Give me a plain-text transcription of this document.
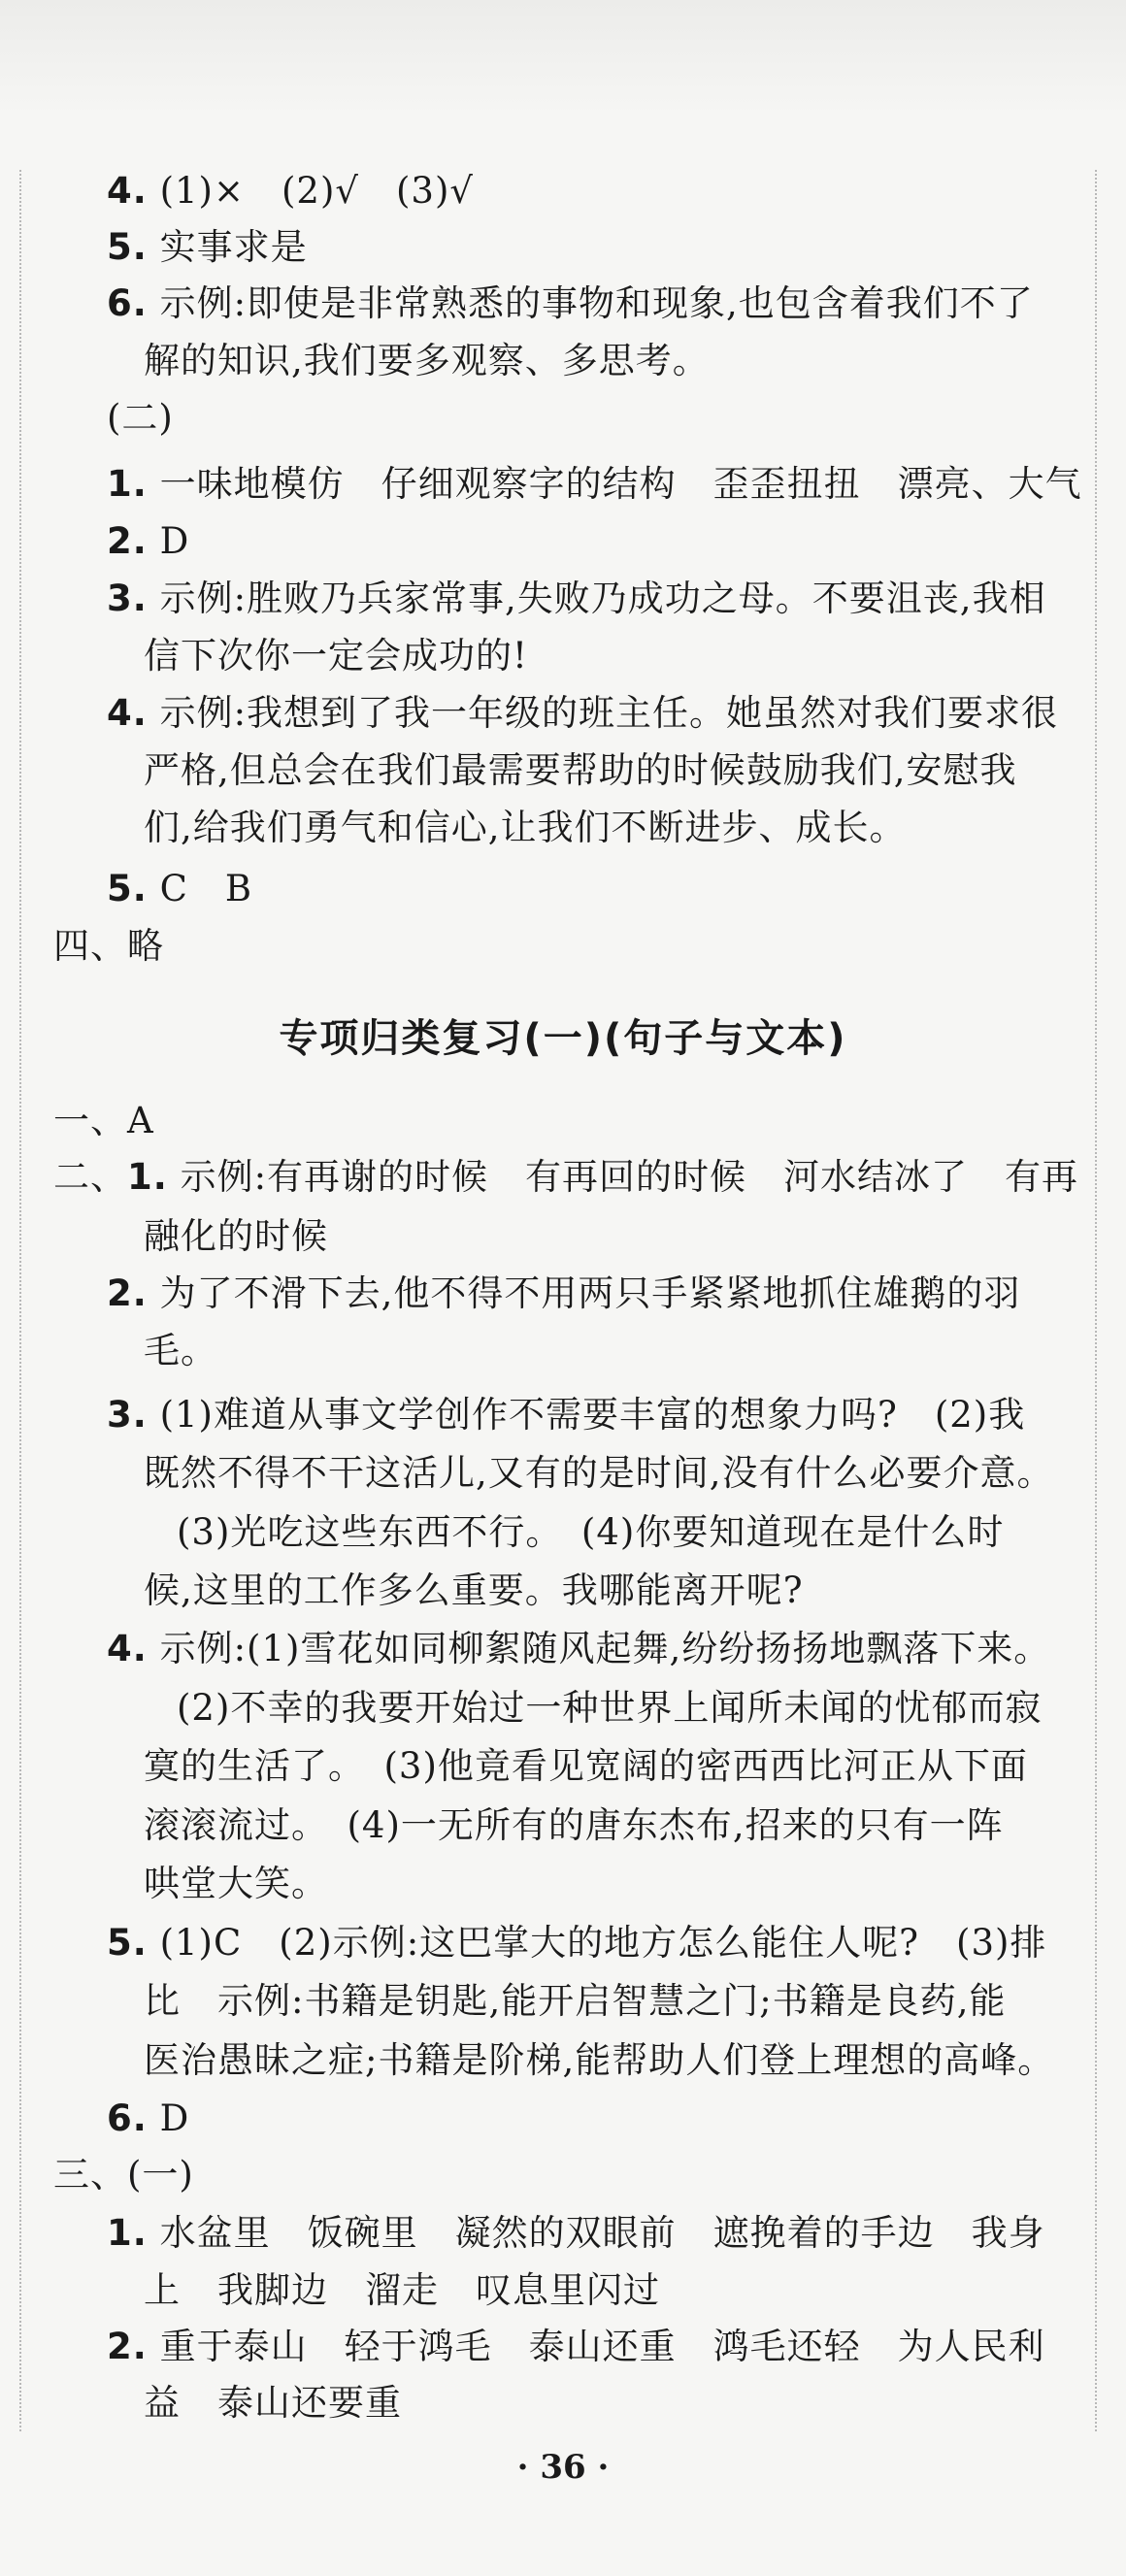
4. (1)×　(2)√　(3)√
5. 实事求是
6. 示例:即使是非常熟悉的事物和现象,也包含着我们不了
解的知识,我们要多观察、多思考。
(二)
1. 一味地模仿　仔细观察字的结构　歪歪扭扭　漂亮、大气
2. D
3. 示例:胜败乃兵家常事,失败乃成功之母。不要沮丧,我相
信下次你一定会成功的!
4. 示例:我想到了我一年级的班主任。她虽然对我们要求很
严格,但总会在我们最需要帮助的时候鼓励我们,安慰我
们,给我们勇气和信心,让我们不断进步、成长。
5. C　B
四、略
专项归类复习(一)(句子与文本)
一、A
二、1. 示例:有再谢的时候　有再回的时候　河水结冰了　有再
融化的时候
2. 为了不滑下去,他不得不用两只手紧紧地抓住雄鹅的羽
毛。
3. (1)难道从事文学创作不需要丰富的想象力吗?　(2)我
既然不得不干这活儿,又有的是时间,没有什么必要介意。
(3)光吃这些东西不行。　(4)你要知道现在是什么时
候,这里的工作多么重要。我哪能离开呢?
4. 示例:(1)雪花如同柳絮随风起舞,纷纷扬扬地飘落下来。
(2)不幸的我要开始过一种世界上闻所未闻的忧郁而寂
寞的生活了。　(3)他竟看见宽阔的密西西比河正从下面
滚滚流过。　(4)一无所有的唐东杰布,招来的只有一阵
哄堂大笑。
5. (1)C　(2)示例:这巴掌大的地方怎么能住人呢?　(3)排
比　示例:书籍是钥匙,能开启智慧之门;书籍是良药,能
医治愚昧之症;书籍是阶梯,能帮助人们登上理想的高峰。
6. D
三、(一)
1. 水盆里　饭碗里　凝然的双眼前　遮挽着的手边　我身
上　我脚边　溜走　叹息里闪过
2. 重于泰山　轻于鸿毛　泰山还重　鸿毛还轻　为人民利
益　泰山还要重
· 36 ·
